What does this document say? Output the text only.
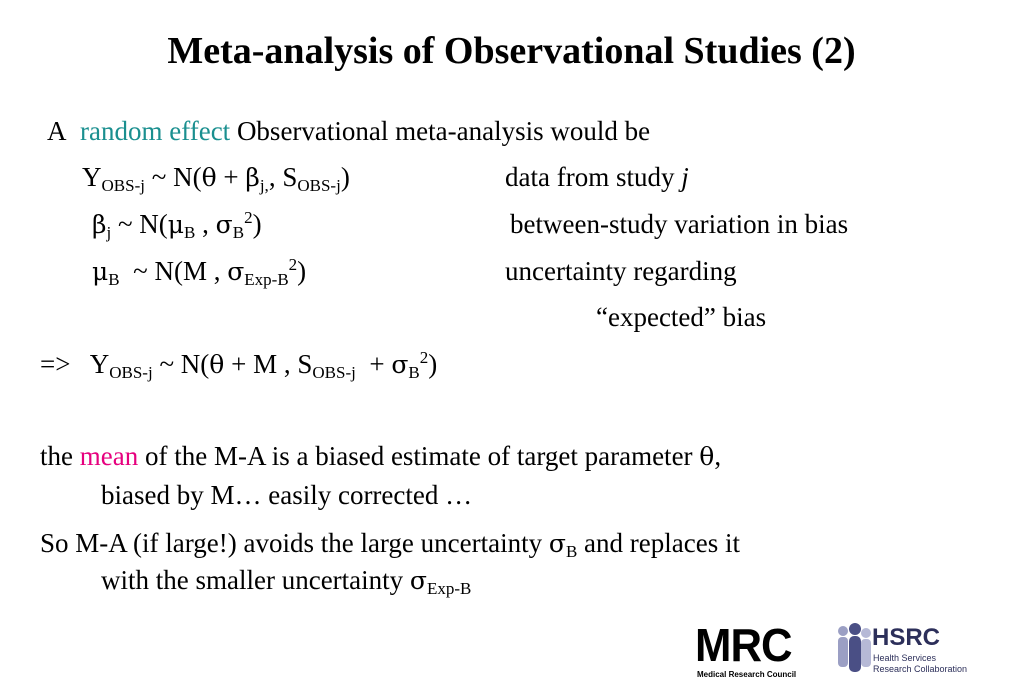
Meta-analysis of Observational Studies (2)
A random effect Observational meta-analysis would be
$Y_{OBS-j}$ ~ $N(\theta + \beta_{j,}$, $S_{OBS-j}$)	data from study j
$\beta_j$ ~ $N(\mu_B$ , $\sigma_B^2$)	between-study variation in bias
$\mu_B$ ~ N(M , $\sigma_{Exp-B}^2$)	uncertainty regarding
“expected” bias
=> $Y_{OBS-j}$ ~ N(θ + M , $S_{OBS-j} + \sigma_B^2$)
the mean of the M-A is a biased estimate of target parameter θ,
biased by M… easily corrected …
So M-A (if large!) avoids the large uncertainty $\sigma_B$ and replaces it
with the smaller uncertainty $\sigma_{Exp-B}$
MRC
Medical Research Council
HSRC
Health Services
Research Collaboration
